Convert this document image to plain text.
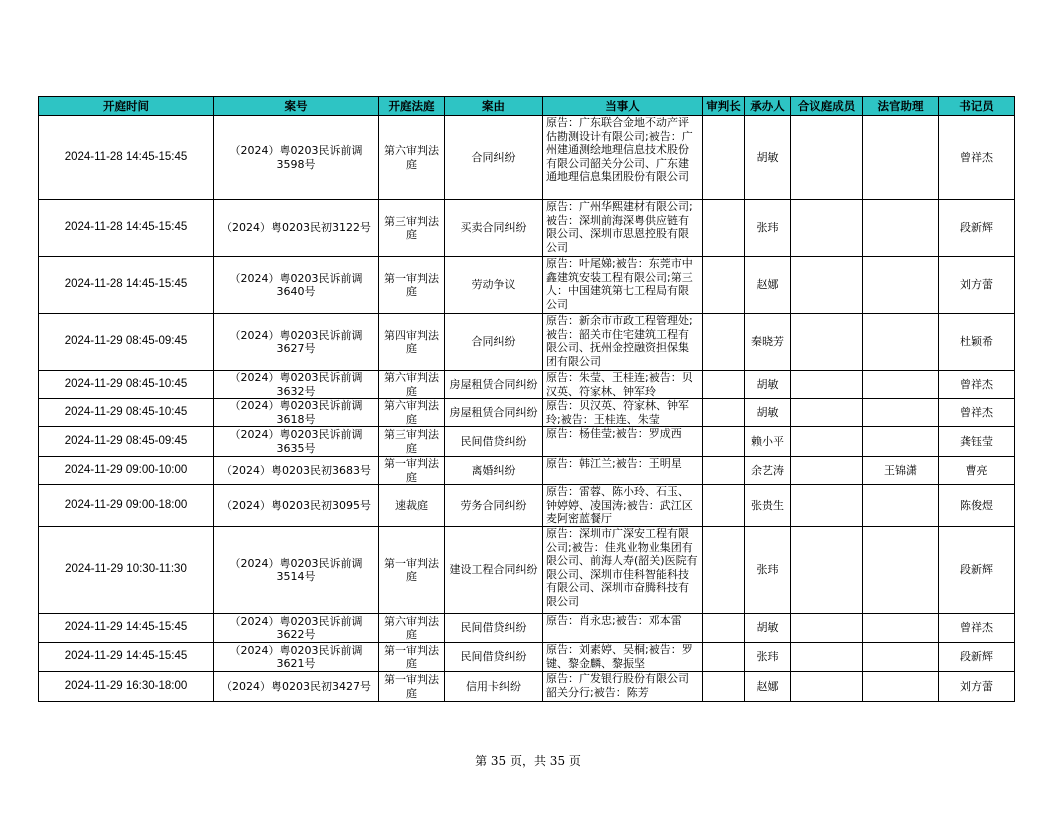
开庭时间	案号	开庭法庭	案由	当事人	审判长	承办人	合议庭成员	法官助理	书记员

2024-11-28 14:45-15:45	（2024）粤0203民诉前调3598号	第六审判法庭	合同纠纷	原告：广东联合金地不动产评估勘测设计有限公司;被告：广州建通测绘地理信息技术股份有限公司韶关分公司、广东建通地理信息集团股份有限公司		胡敏			曾祥杰

2024-11-28 14:45-15:45	（2024）粤0203民初3122号	第三审判法庭	买卖合同纠纷	原告：广州华熙建材有限公司;被告：深圳前海深粤供应链有限公司、深圳市思恩控股有限公司		张玮			段新辉

2024-11-28 14:45-15:45	（2024）粤0203民诉前调3640号	第一审判法庭	劳动争议	原告：叶尾娣;被告：东莞市中鑫建筑安装工程有限公司;第三人：中国建筑第七工程局有限公司		赵娜			刘方蕾

2024-11-29 08:45-09:45	（2024）粤0203民诉前调3627号	第四审判法庭	合同纠纷	原告：新余市市政工程管理处;被告：韶关市住宅建筑工程有限公司、抚州金控融资担保集团有限公司		秦晓芳			杜颖希

2024-11-29 08:45-10:45	（2024）粤0203民诉前调3632号	第六审判法庭	房屋租赁合同纠纷	原告：朱莹、王桂连;被告：贝汉英、符家林、钟军玲		胡敏			曾祥杰

2024-11-29 08:45-10:45	（2024）粤0203民诉前调3618号	第六审判法庭	房屋租赁合同纠纷	原告：贝汉英、符家林、钟军玲;被告：王桂连、朱莹		胡敏			曾祥杰

2024-11-29 08:45-09:45	（2024）粤0203民诉前调3635号	第三审判法庭	民间借贷纠纷	原告：杨佳莹;被告：罗成西		赖小平			龚钰莹

2024-11-29 09:00-10:00	（2024）粤0203民初3683号	第一审判法庭	离婚纠纷	原告：韩江兰;被告：王明星		余艺涛		王锦潇	曹亮

2024-11-29 09:00-18:00	（2024）粤0203民初3095号	速裁庭	劳务合同纠纷	原告：雷蓉、陈小玲、石玉、钟婷婷、凌国涛;被告：武江区麦阿密蓝餐厅		张贵生			陈俊煜

2024-11-29 10:30-11:30	（2024）粤0203民诉前调3514号	第一审判法庭	建设工程合同纠纷	原告：深圳市广深安工程有限公司;被告：佳兆业物业集团有限公司、前海人寿(韶关)医院有限公司、深圳市佳科智能科技有限公司、深圳市奋腾科技有限公司		张玮			段新辉

2024-11-29 14:45-15:45	（2024）粤0203民诉前调3622号	第六审判法庭	民间借贷纠纷	原告：肖永忠;被告：邓本雷		胡敏			曾祥杰

2024-11-29 14:45-15:45	（2024）粤0203民诉前调3621号	第一审判法庭	民间借贷纠纷	原告：刘素婷、吴桐;被告：罗键、黎金麟、黎振坚		张玮			段新辉

2024-11-29 16:30-18:00	（2024）粤0203民初3427号	第一审判法庭	信用卡纠纷	原告：广发银行股份有限公司韶关分行;被告：陈芳		赵娜			刘方蕾
第 35 页，共 35 页
